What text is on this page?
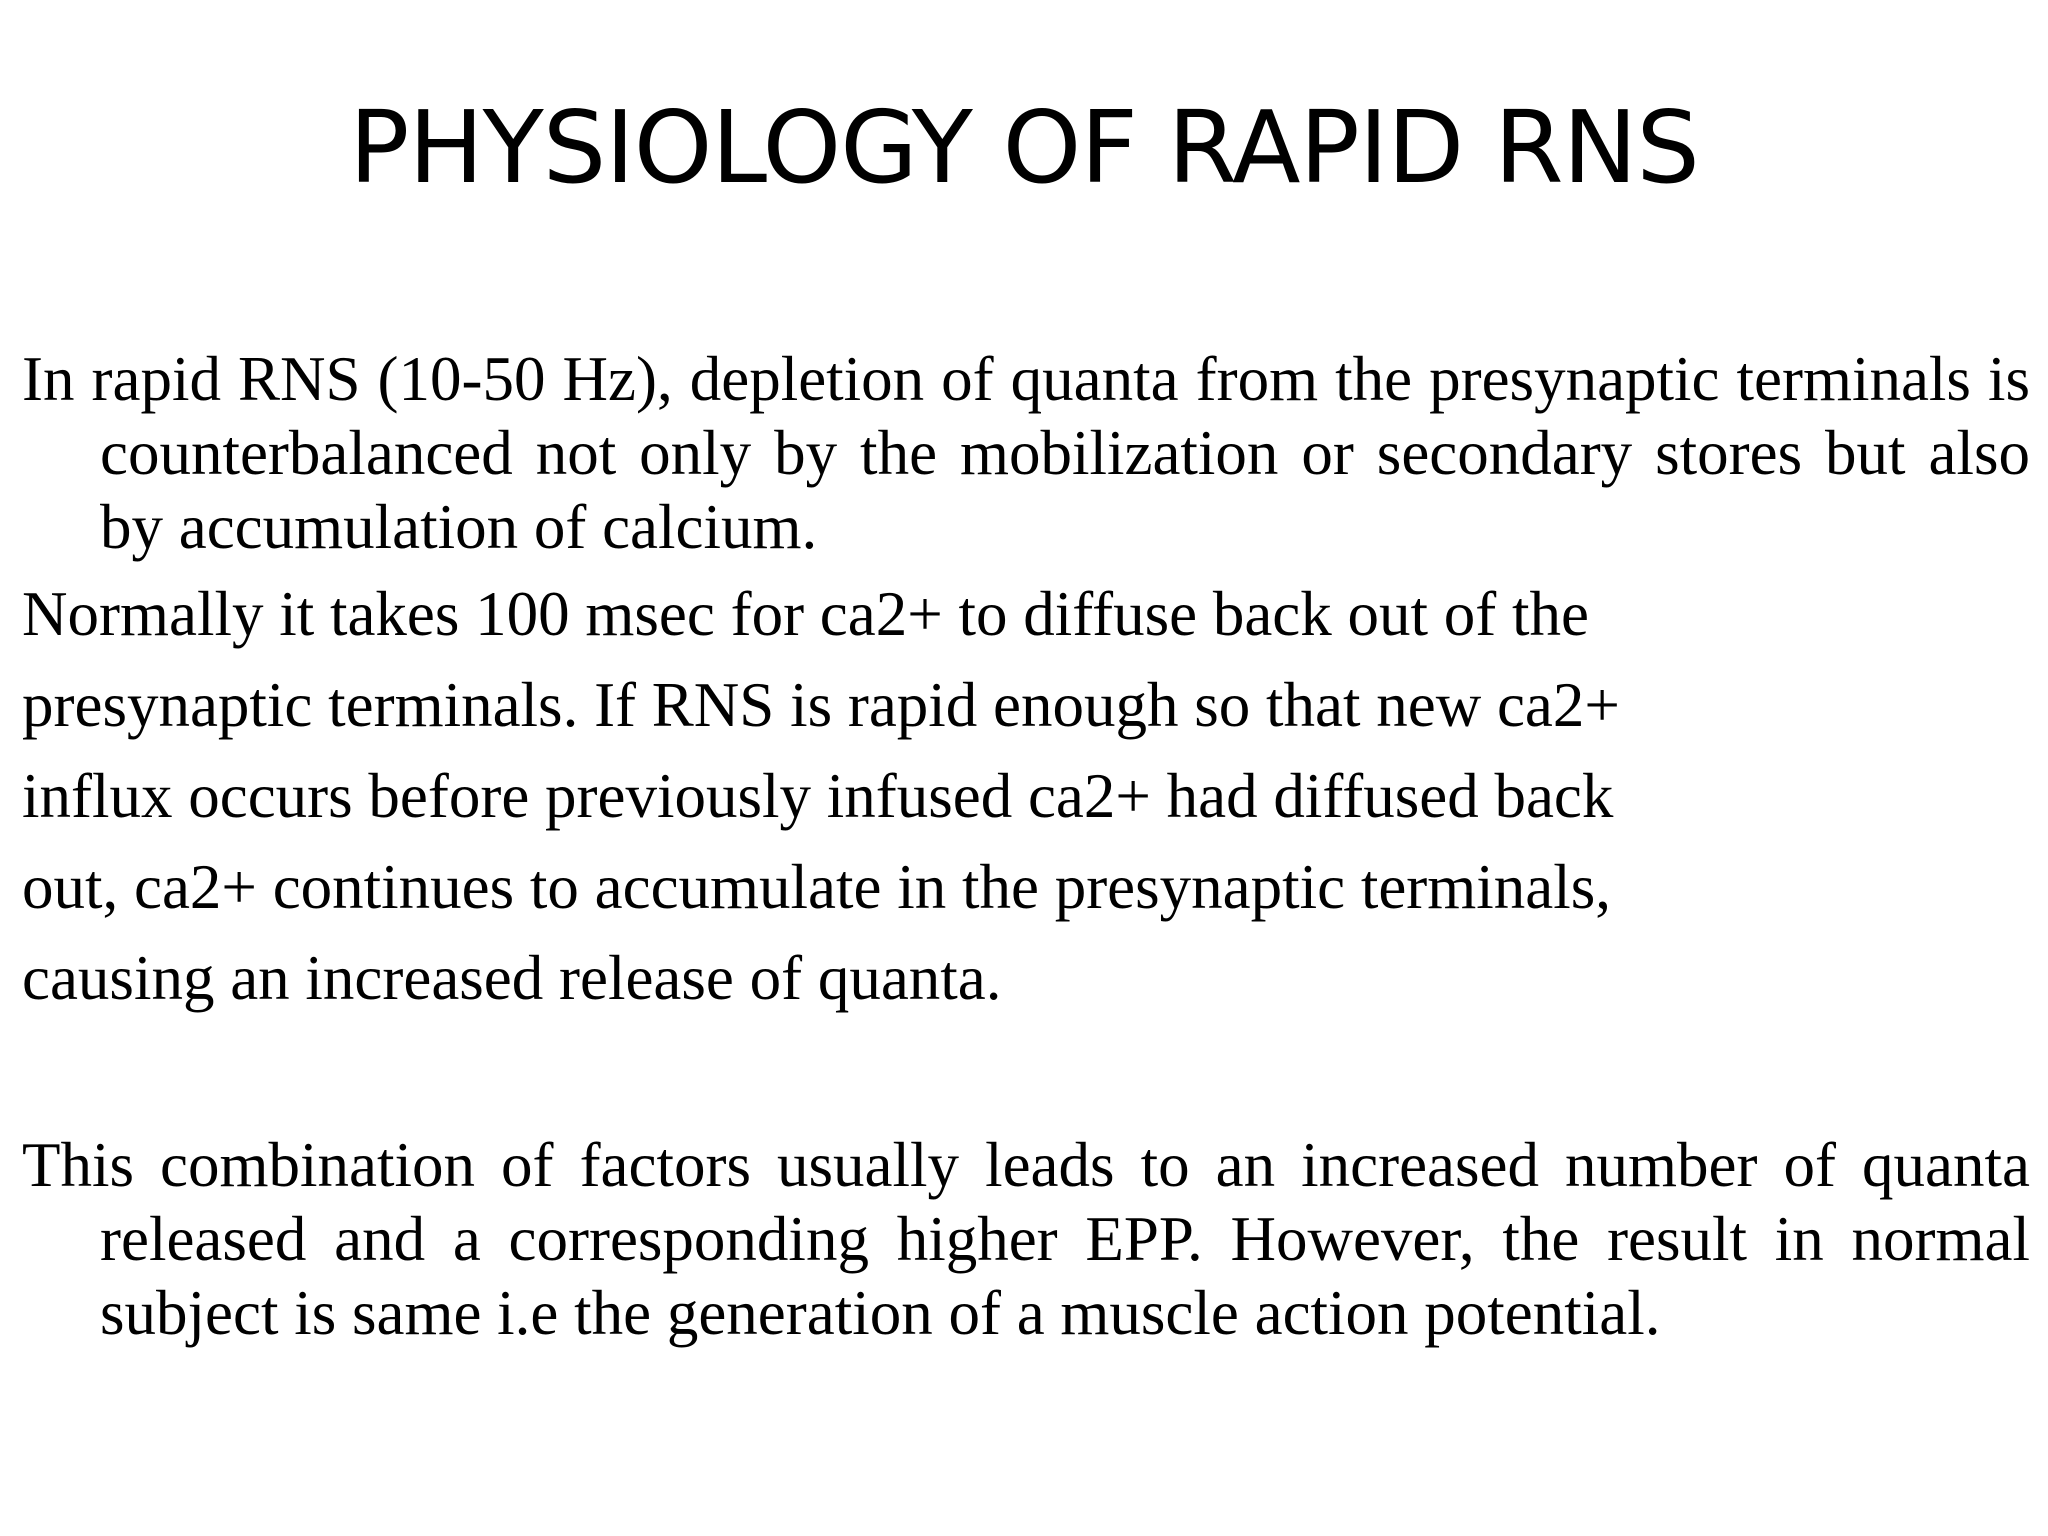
PHYSIOLOGY OF RAPID RNS
In rapid RNS (10-50 Hz), depletion of quanta from the presynaptic terminals is counterbalanced not only by the mobilization or secondary stores but also by accumulation of calcium.
Normally it takes 100 msec for ca2+ to diffuse back out of the
presynaptic terminals. If RNS is rapid enough so that new ca2+
influx occurs before previously infused ca2+ had diffused back
out, ca2+ continues to accumulate in the presynaptic terminals,
causing an increased release of quanta.
This combination of factors usually leads to an increased number of quanta released and a corresponding higher EPP. However, the result in normal subject is same i.e the generation of a muscle action potential.
